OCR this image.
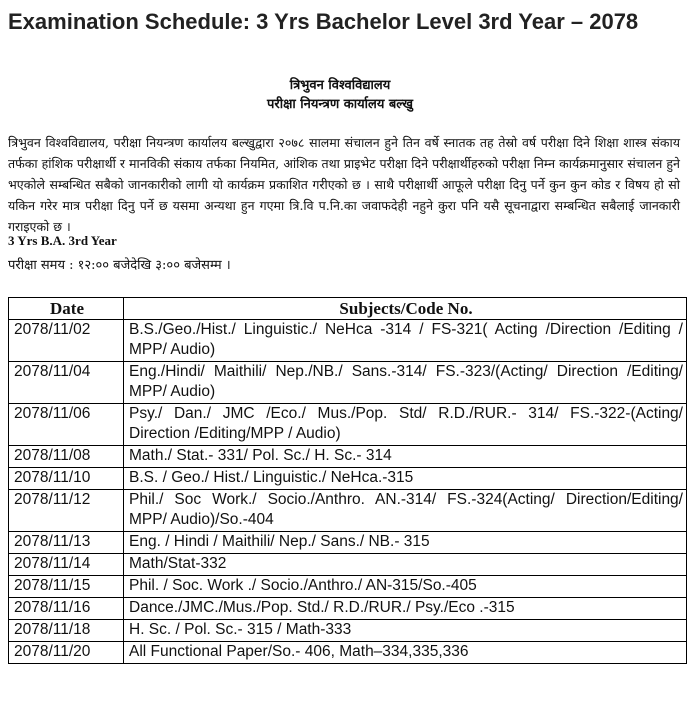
Examination Schedule: 3 Yrs Bachelor Level 3rd Year – 2078
त्रिभुवन विश्वविद्यालय
परीक्षा नियन्त्रण कार्यालय बल्खु
त्रिभुवन विश्वविद्यालय, परीक्षा नियन्त्रण कार्यालय बल्खुद्वारा २०७८ सालमा संचालन हुने तिन वर्षे स्नातक तह तेस्रो वर्ष परीक्षा दिने शिक्षा शास्त्र संकाय तर्फका हांशिक परीक्षार्थी र मानविकी संकाय तर्फका नियमित, आंशिक तथा प्राइभेट परीक्षा दिने परीक्षार्थीहरुको परीक्षा निम्न कार्यक्रमानुसार संचालन हुने भएकोले सम्बन्धित सबैको जानकारीको लागी यो कार्यक्रम प्रकाशित गरीएको छ । साथै परीक्षार्थी आफूले परीक्षा दिनु पर्ने कुन कुन कोड र विषय हो सो यकिन गरेर मात्र परीक्षा दिनु पर्ने छ यसमा अन्यथा हुन गएमा त्रि.वि प.नि.का जवाफदेही नहुने कुरा पनि यसै सूचनाद्वारा सम्बन्धित सबैलाई जानकारी गराइएको छ ।
3 Yrs B.A. 3rd Year
परीक्षा समय : १२:०० बजेदेखि ३:०० बजेसम्म ।
Date	Subjects/Code No.
2078/11/02	B.S./Geo./Hist./ Linguistic./ NeHca -314 / FS-321( Acting /Direction /Editing / MPP/ Audio)
2078/11/04	Eng./Hindi/ Maithili/ Nep./NB./ Sans.-314/ FS.-323/(Acting/ Direction /Editing/ MPP/ Audio)
2078/11/06	Psy./ Dan./ JMC /Eco./ Mus./Pop. Std/ R.D./RUR.- 314/ FS.-322-(Acting/ Direction /Editing/MPP / Audio)
2078/11/08	Math./ Stat.- 331/ Pol. Sc./ H. Sc.- 314
2078/11/10	B.S. / Geo./ Hist./ Linguistic./ NeHca.-315
2078/11/12	Phil./ Soc Work./ Socio./Anthro. AN.-314/ FS.-324(Acting/ Direction/Editing/ MPP/ Audio)/So.-404
2078/11/13	Eng. / Hindi / Maithili/ Nep./ Sans./ NB.- 315
2078/11/14	Math/Stat-332
2078/11/15	Phil. / Soc. Work ./ Socio./Anthro./ AN-315/So.-405
2078/11/16	Dance./JMC./Mus./Pop. Std./ R.D./RUR./ Psy./Eco .-315
2078/11/18	H. Sc. / Pol. Sc.- 315 / Math-333
2078/11/20	All Functional Paper/So.- 406, Math–334,335,336
